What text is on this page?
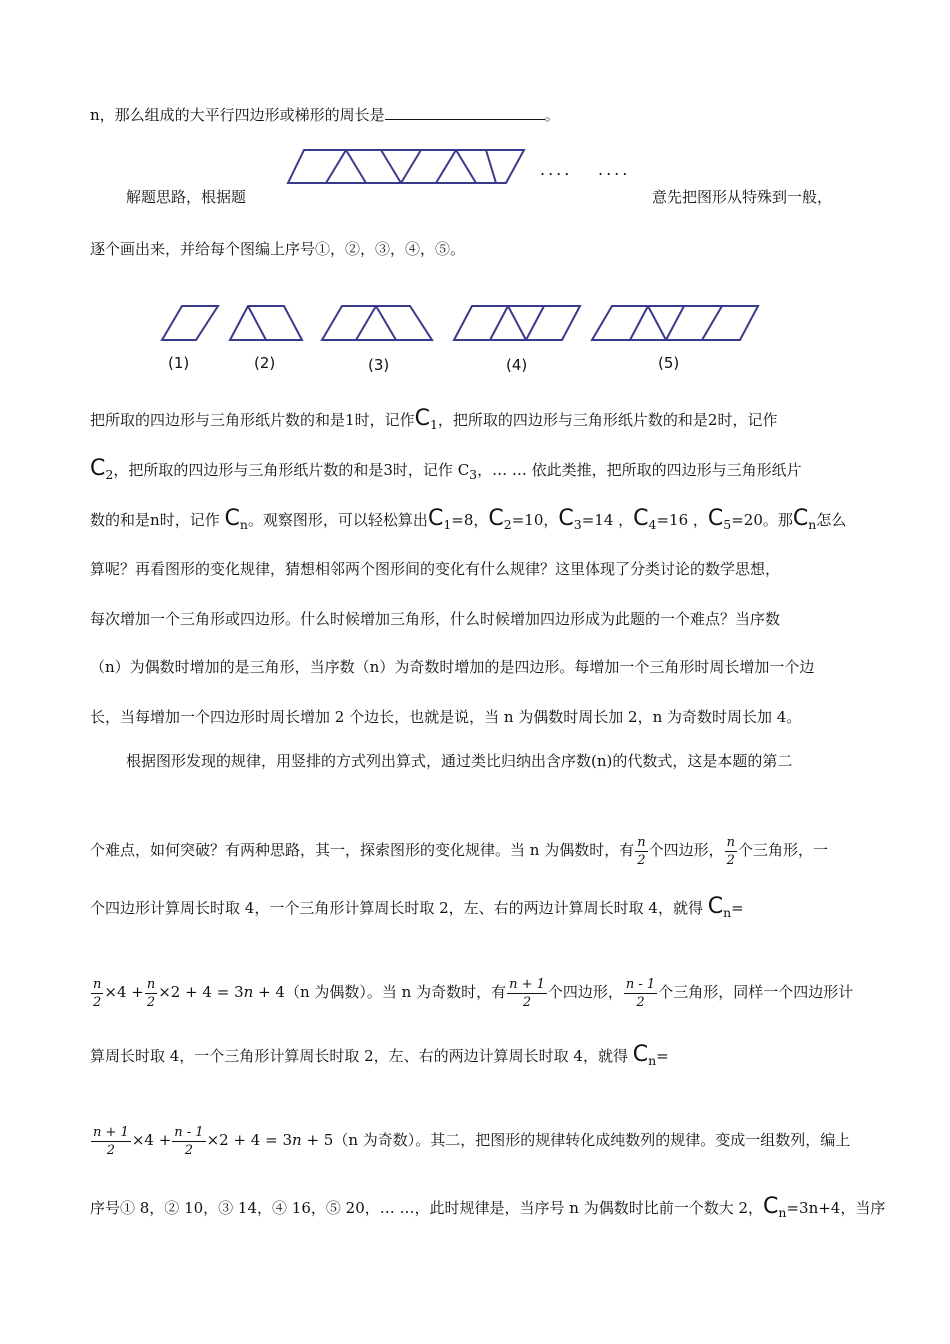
n，那么组成的大平行四边形或梯形的周长是	。
.... ....
解题思路，根据题	意先把图形从特殊到一般，
逐个画出来，并给每个图编上序号①，②，③，④，⑤。
(1)	(2)	(3)	(4)	(5)
把所取的四边形与三角形纸片数的和是1时，记作$C_1$，把所取的四边形与三角形纸片数的和是2时，记作
$C_2$，把所取的四边形与三角形纸片数的和是3时，记作 $C_3$，… … 依此类推，把所取的四边形与三角形纸片
数的和是n时，记作 $C_n$。观察图形，可以轻松算出$C_1=8$，$C_2=10$，$C_3=14$ ，$C_4=16$ ，$C_5=20$。那$C_n$怎么
算呢？再看图形的变化规律，猜想相邻两个图形间的变化有什么规律？这里体现了分类讨论的数学思想，
每次增加一个三角形或四边形。什么时候增加三角形，什么时候增加四边形成为此题的一个难点？当序数
（n）为偶数时增加的是三角形，当序数（n）为奇数时增加的是四边形。每增加一个三角形时周长增加一个边
长，当每增加一个四边形时周长增加 2 个边长，也就是说，当 n 为偶数时周长加 2，n 为奇数时周长加 4。
根据图形发现的规律，用竖排的方式列出算式，通过类比归纳出含序数(n)的代数式，这是本题的第二
个难点，如何突破？有两种思路，其一，探索图形的变化规律。当 n 为偶数时，有 $\frac{n}{2}$ 个四边形， $\frac{n}{2}$ 个三角形，一
个四边形计算周长时取 4，一个三角形计算周长时取 2，左、右的两边计算周长时取 4，就得 $C_n=$
$\frac{n}{2} \times 4 + \frac{n}{2} \times 2 + 4 = 3n + 4(n$ 为偶数）。当 n 为奇数时，有 $\frac{n + 1}{2}$ 个四边形， $\frac{n - 1}{2}$ 个三角形，同样一个四边形计
算周长时取 4，一个三角形计算周长时取 2，左、右的两边计算周长时取 4，就得 $C_n=$
$\frac{n + 1}{2} \times 4 + \frac{n - 1}{2} \times 2 + 4 = 3n + 5(n$ 为奇数）。其二，把图形的规律转化成纯数列的规律。变成一组数列，编上
序号① 8，② 10，③ 14，④ 16，⑤ 20，… …，此时规律是，当序号 n 为偶数时比前一个数大 2，$C_n=3n+4$，当序
